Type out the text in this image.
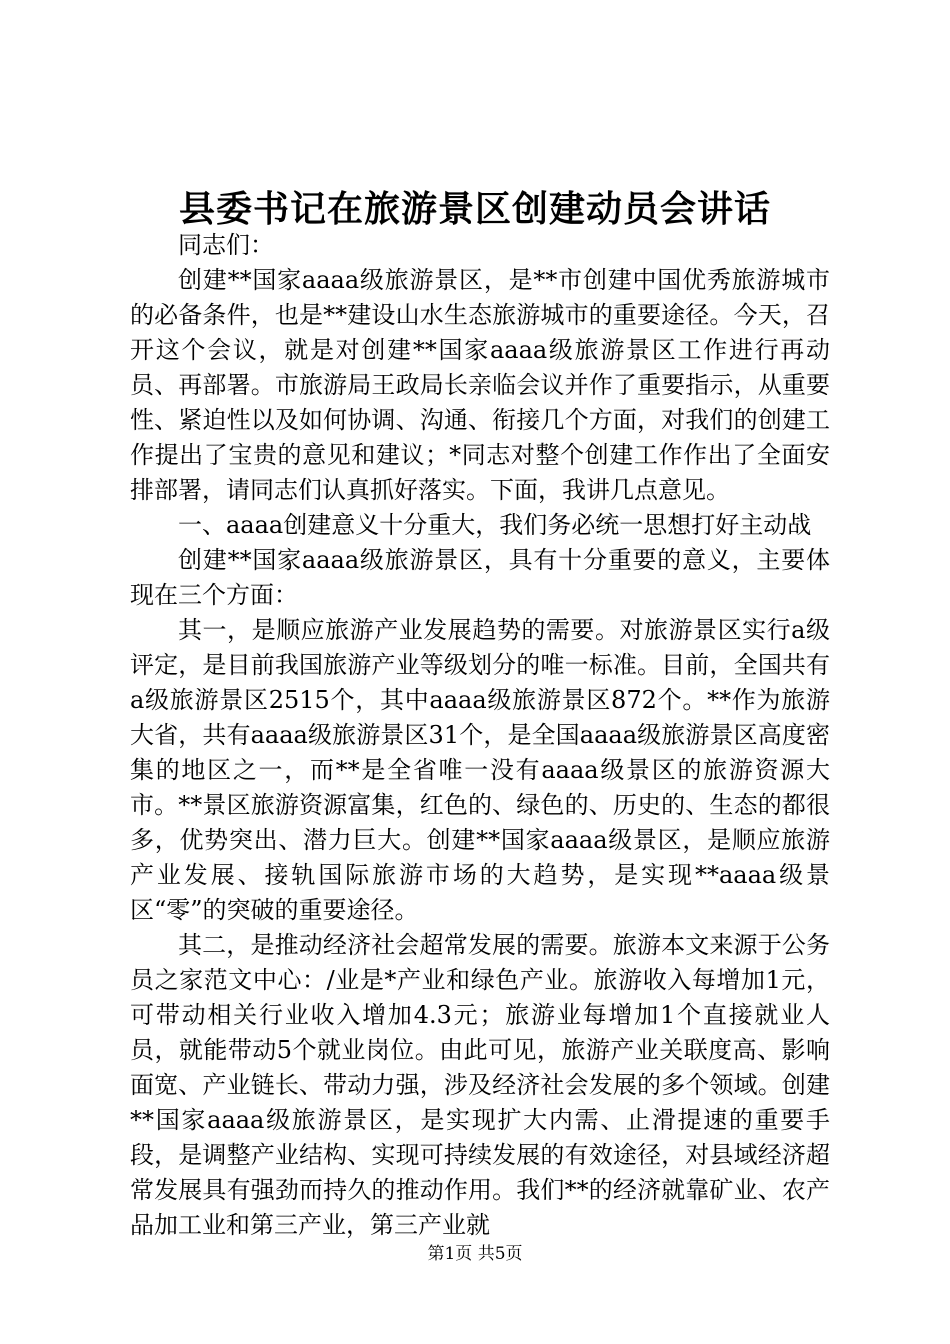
县委书记在旅游景区创建动员会讲话

同志们：

创建**国家aaaa级旅游景区，是**市创建中国优秀旅游城市的必备条件，也是**建设山水生态旅游城市的重要途径。今天，召开这个会议，就是对创建**国家aaaa级旅游景区工作进行再动员、再部署。市旅游局王政局长亲临会议并作了重要指示，从重要性、紧迫性以及如何协调、沟通、衔接几个方面，对我们的创建工作提出了宝贵的意见和建议；*同志对整个创建工作作出了全面安排部署，请同志们认真抓好落实。下面，我讲几点意见。

一、aaaa创建意义十分重大，我们务必统一思想打好主动战

创建**国家aaaa级旅游景区，具有十分重要的意义，主要体现在三个方面：

其一，是顺应旅游产业发展趋势的需要。对旅游景区实行a级评定，是目前我国旅游产业等级划分的唯一标准。目前，全国共有a级旅游景区2515个，其中aaaa级旅游景区872个。**作为旅游大省，共有aaaa级旅游景区31个，是全国aaaa级旅游景区高度密集的地区之一，而**是全省唯一没有aaaa级景区的旅游资源大市。**景区旅游资源富集，红色的、绿色的、历史的、生态的都很多，优势突出、潜力巨大。创建**国家aaaa级景区，是顺应旅游产业发展、接轨国际旅游市场的大趋势，是实现**aaaa级景区“零”的突破的重要途径。

其二，是推动经济社会超常发展的需要。旅游本文来源于公务员之家范文中心：/业是*产业和绿色产业。旅游收入每增加1元，可带动相关行业收入增加4.3元；旅游业每增加1个直接就业人员，就能带动5个就业岗位。由此可见，旅游产业关联度高、影响面宽、产业链长、带动力强，涉及经济社会发展的多个领域。创建**国家aaaa级旅游景区，是实现扩大内需、止滑提速的重要手段，是调整产业结构、实现可持续发展的有效途径，对县域经济超常发展具有强劲而持久的推动作用。我们**的经济就靠矿业、农产品加工业和第三产业，第三产业就

第1页 共5页
